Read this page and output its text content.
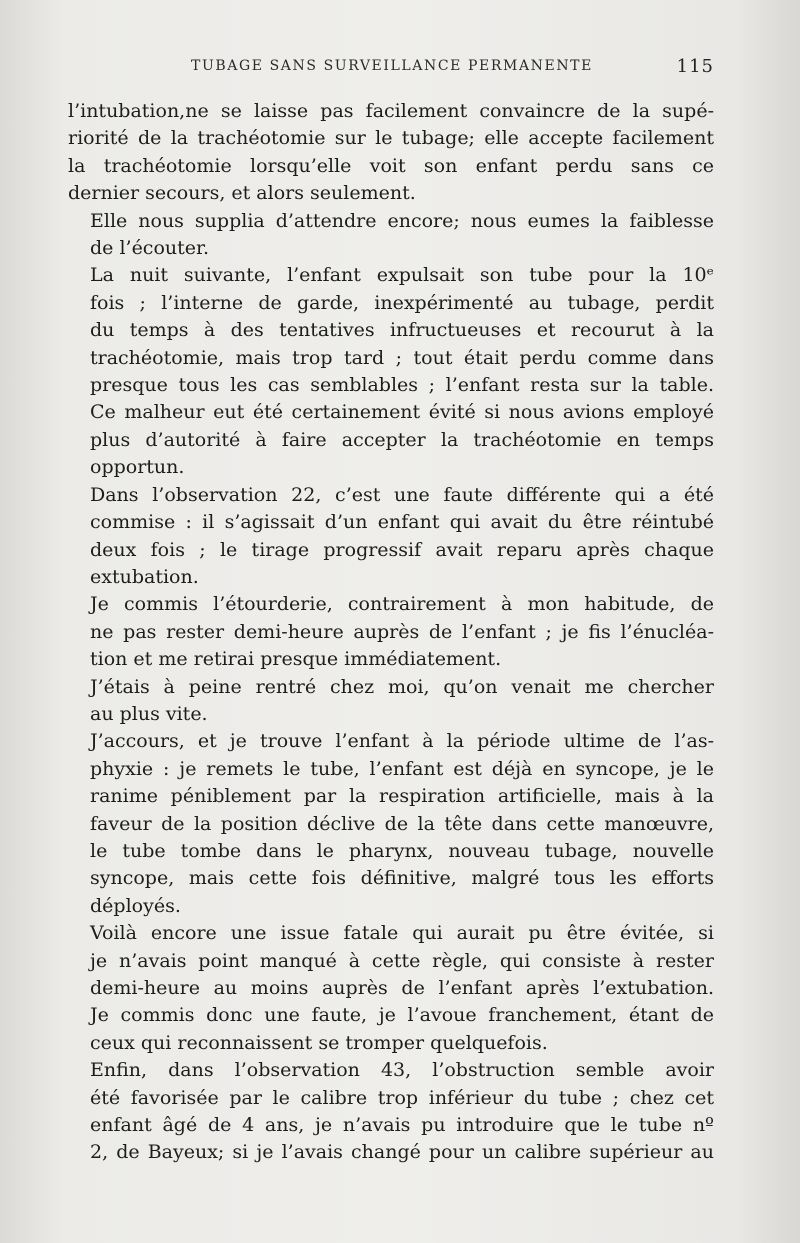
TUBAGE SANS SURVEILLANCE PERMANENTE	115

l’intubation,ne se laisse pas facilement convaincre de la supé-
riorité de la trachéotomie sur le tubage; elle accepte facilement
la trachéotomie lorsqu’elle voit son enfant perdu sans ce
dernier secours, et alors seulement.

Elle nous supplia d’attendre encore; nous eumes la faiblesse
de l’écouter.

La nuit suivante, l’enfant expulsait son tube pour la 10ᵉ
fois ; l’interne de garde, inexpérimenté au tubage, perdit
du temps à des tentatives infructueuses et recourut à la
trachéotomie, mais trop tard ; tout était perdu comme dans
presque tous les cas semblables ; l’enfant resta sur la table.
Ce malheur eut été certainement évité si nous avions employé
plus d’autorité à faire accepter la trachéotomie en temps
opportun.

Dans l’observation 22, c’est une faute différente qui a été
commise : il s’agissait d’un enfant qui avait du être réintubé
deux fois ; le tirage progressif avait reparu après chaque
extubation.

Je commis l’étourderie, contrairement à mon habitude, de
ne pas rester demi-heure auprès de l’enfant ; je fis l’énucléa-
tion et me retirai presque immédiatement.

J’étais à peine rentré chez moi, qu’on venait me chercher
au plus vite.

J’accours, et je trouve l’enfant à la période ultime de l’as-
phyxie : je remets le tube, l’enfant est déjà en syncope, je le
ranime péniblement par la respiration artificielle, mais à la
faveur de la position déclive de la tête dans cette manœuvre,
le tube tombe dans le pharynx, nouveau tubage, nouvelle
syncope, mais cette fois définitive, malgré tous les efforts
déployés.

Voilà encore une issue fatale qui aurait pu être évitée, si
je n’avais point manqué à cette règle, qui consiste à rester
demi-heure au moins auprès de l’enfant après l’extubation.
Je commis donc une faute, je l’avoue franchement, étant de
ceux qui reconnaissent se tromper quelquefois.

Enfin, dans l’observation 43, l’obstruction semble avoir
été favorisée par le calibre trop inférieur du tube ; chez cet
enfant âgé de 4 ans, je n’avais pu introduire que le tube nº
2, de Bayeux; si je l’avais changé pour un calibre supérieur au
